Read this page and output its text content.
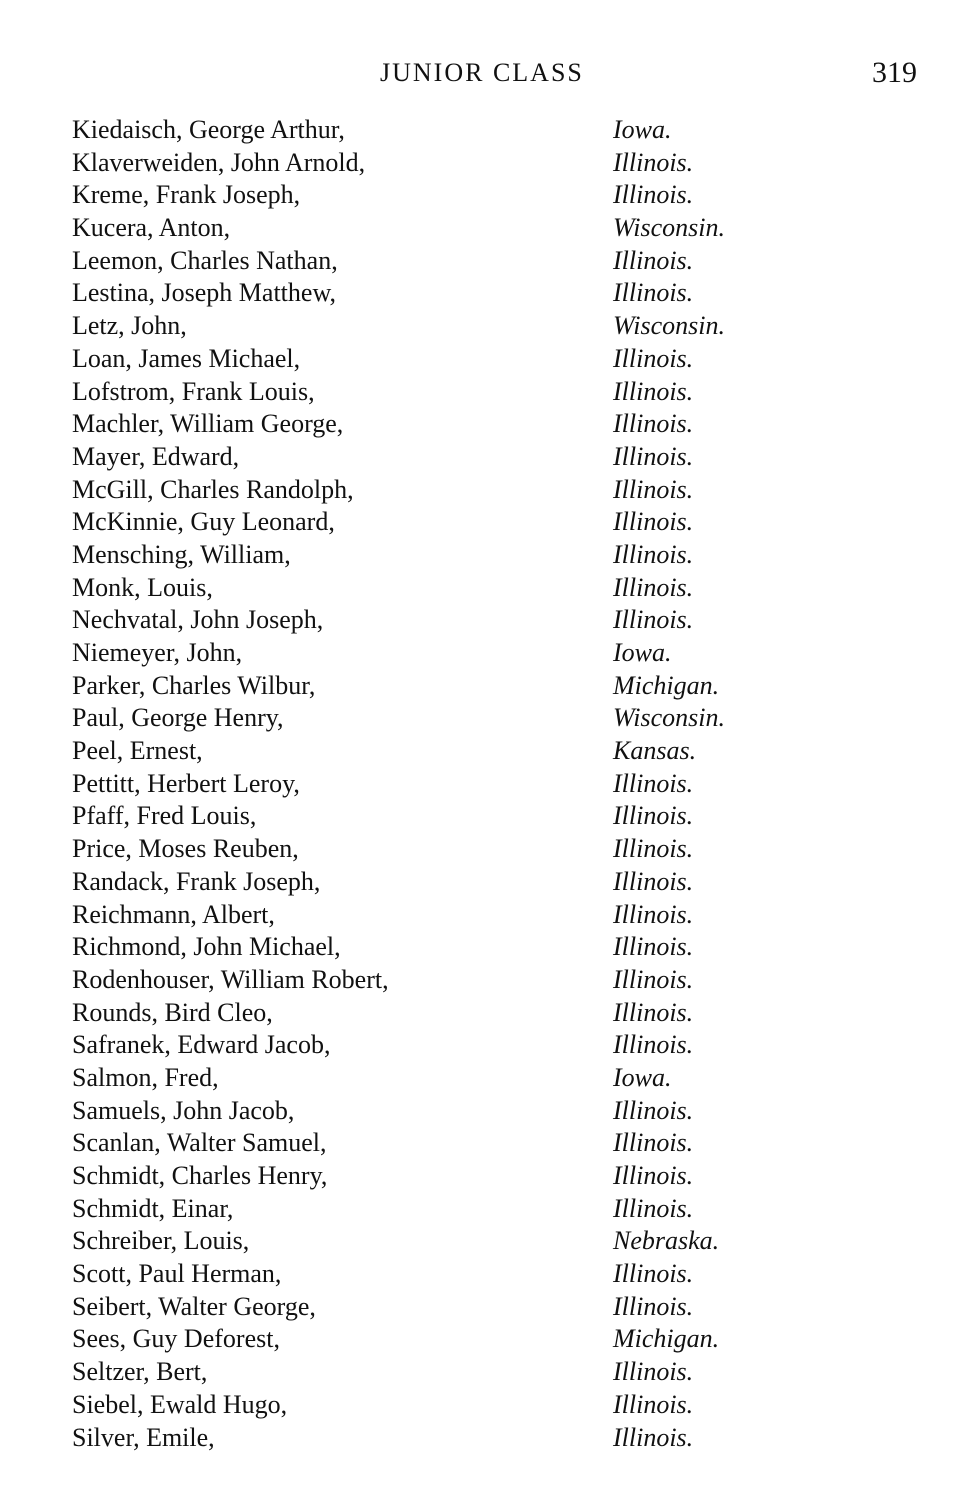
JUNIOR CLASS	319
Kiedaisch, George Arthur,	Iowa.
Klaverweiden, John Arnold,	Illinois.
Kreme, Frank Joseph,	Illinois.
Kucera, Anton,	Wisconsin.
Leemon, Charles Nathan,	Illinois.
Lestina, Joseph Matthew,	Illinois.
Letz, John,	Wisconsin.
Loan, James Michael,	Illinois.
Lofstrom, Frank Louis,	Illinois.
Machler, William George,	Illinois.
Mayer, Edward,	Illinois.
McGill, Charles Randolph,	Illinois.
McKinnie, Guy Leonard,	Illinois.
Mensching, William,	Illinois.
Monk, Louis,	Illinois.
Nechvatal, John Joseph,	Illinois.
Niemeyer, John,	Iowa.
Parker, Charles Wilbur,	Michigan.
Paul, George Henry,	Wisconsin.
Peel, Ernest,	Kansas.
Pettitt, Herbert Leroy,	Illinois.
Pfaff, Fred Louis,	Illinois.
Price, Moses Reuben,	Illinois.
Randack, Frank Joseph,	Illinois.
Reichmann, Albert,	Illinois.
Richmond, John Michael,	Illinois.
Rodenhouser, William Robert,	Illinois.
Rounds, Bird Cleo,	Illinois.
Safranek, Edward Jacob,	Illinois.
Salmon, Fred,	Iowa.
Samuels, John Jacob,	Illinois.
Scanlan, Walter Samuel,	Illinois.
Schmidt, Charles Henry,	Illinois.
Schmidt, Einar,	Illinois.
Schreiber, Louis,	Nebraska.
Scott, Paul Herman,	Illinois.
Seibert, Walter George,	Illinois.
Sees, Guy Deforest,	Michigan.
Seltzer, Bert,	Illinois.
Siebel, Ewald Hugo,	Illinois.
Silver, Emile,	Illinois.
